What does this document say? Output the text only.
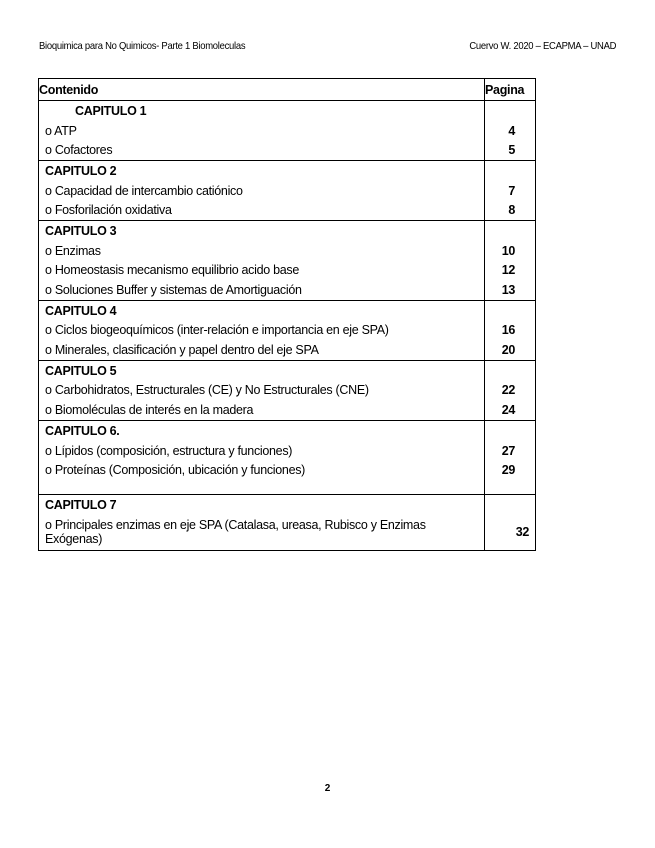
Bioquimica para No Quimicos- Parte 1 Biomoleculas	Cuervo W. 2020 – ECAPMA – UNAD
Contenido	Pagina
CAPITULO 1	
o ATP	4
o Cofactores	5
CAPITULO 2	
o Capacidad de intercambio catiónico	7
o Fosforilación oxidativa	8
CAPITULO 3	
o Enzimas	10
o Homeostasis mecanismo equilibrio acido base	12
o Soluciones Buffer y sistemas de Amortiguación	13
CAPITULO 4	
o Ciclos biogeoquímicos (inter-relación e importancia en eje SPA)	16
o Minerales, clasificación y papel dentro del eje SPA	20
CAPITULO 5	
o Carbohidratos, Estructurales (CE) y No Estructurales (CNE)	22
o Biomoléculas de interés en la madera	24
CAPITULO 6.	
o Lípidos (composición, estructura y funciones)	27
o Proteínas (Composición, ubicación y funciones)	29

CAPITULO 7	
o Principales enzimas en eje SPA (Catalasa, ureasa, Rubisco y Enzimas Exógenas)	32
2
